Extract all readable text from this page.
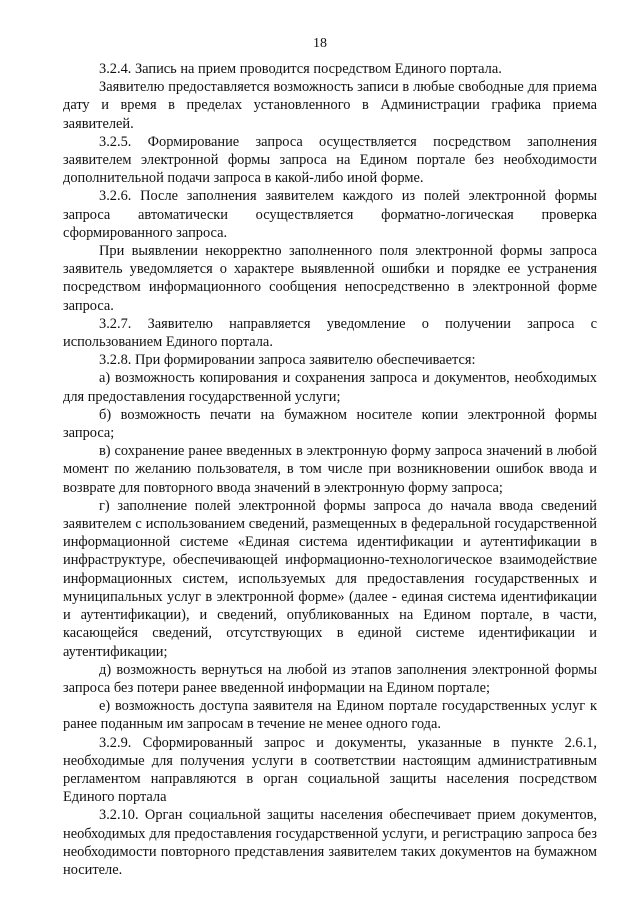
18

3.2.4. Запись на прием проводится посредством Единого портала.

Заявителю предоставляется возможность записи в любые свободные для приема дату и время в пределах установленного в Администрации графика приема заявителей.

3.2.5. Формирование запроса осуществляется посредством заполнения заявителем электронной формы запроса на Едином портале без необходимости дополнительной подачи запроса в какой-либо иной форме.

3.2.6. После заполнения заявителем каждого из полей электронной формы запроса автоматически осуществляется форматно-логическая проверка сформированного запроса.

При выявлении некорректно заполненного поля электронной формы запроса заявитель уведомляется о характере выявленной ошибки и порядке ее устранения посредством информационного сообщения непосредственно в электронной форме запроса.

3.2.7. Заявителю направляется уведомление о получении запроса с использованием Единого портала.

3.2.8. При формировании запроса заявителю обеспечивается:

а) возможность копирования и сохранения запроса и документов, необходимых для предоставления государственной услуги;

б) возможность печати на бумажном носителе копии электронной формы запроса;

в) сохранение ранее введенных в электронную форму запроса значений в любой момент по желанию пользователя, в том числе при возникновении ошибок ввода и возврате для повторного ввода значений в электронную форму запроса;

г) заполнение полей электронной формы запроса до начала ввода сведений заявителем с использованием сведений, размещенных в федеральной государственной информационной системе «Единая система идентификации и аутентификации в инфраструктуре, обеспечивающей информационно-технологическое взаимодействие информационных систем, используемых для предоставления государственных и муниципальных услуг в электронной форме» (далее - единая система идентификации и аутентификации), и сведений, опубликованных на Едином портале, в части, касающейся сведений, отсутствующих в единой системе идентификации и аутентификации;

д) возможность вернуться на любой из этапов заполнения электронной формы запроса без потери ранее введенной информации на Едином портале;

е) возможность доступа заявителя на Едином портале государственных услуг к ранее поданным им запросам в течение не менее одного года.

3.2.9. Сформированный запрос и документы, указанные в пункте 2.6.1, необходимые для получения услуги в соответствии настоящим административным регламентом направляются в орган социальной защиты населения посредством Единого портала

3.2.10. Орган социальной защиты населения обеспечивает прием документов, необходимых для предоставления государственной услуги, и регистрацию запроса без необходимости повторного представления заявителем таких документов на бумажном носителе.
